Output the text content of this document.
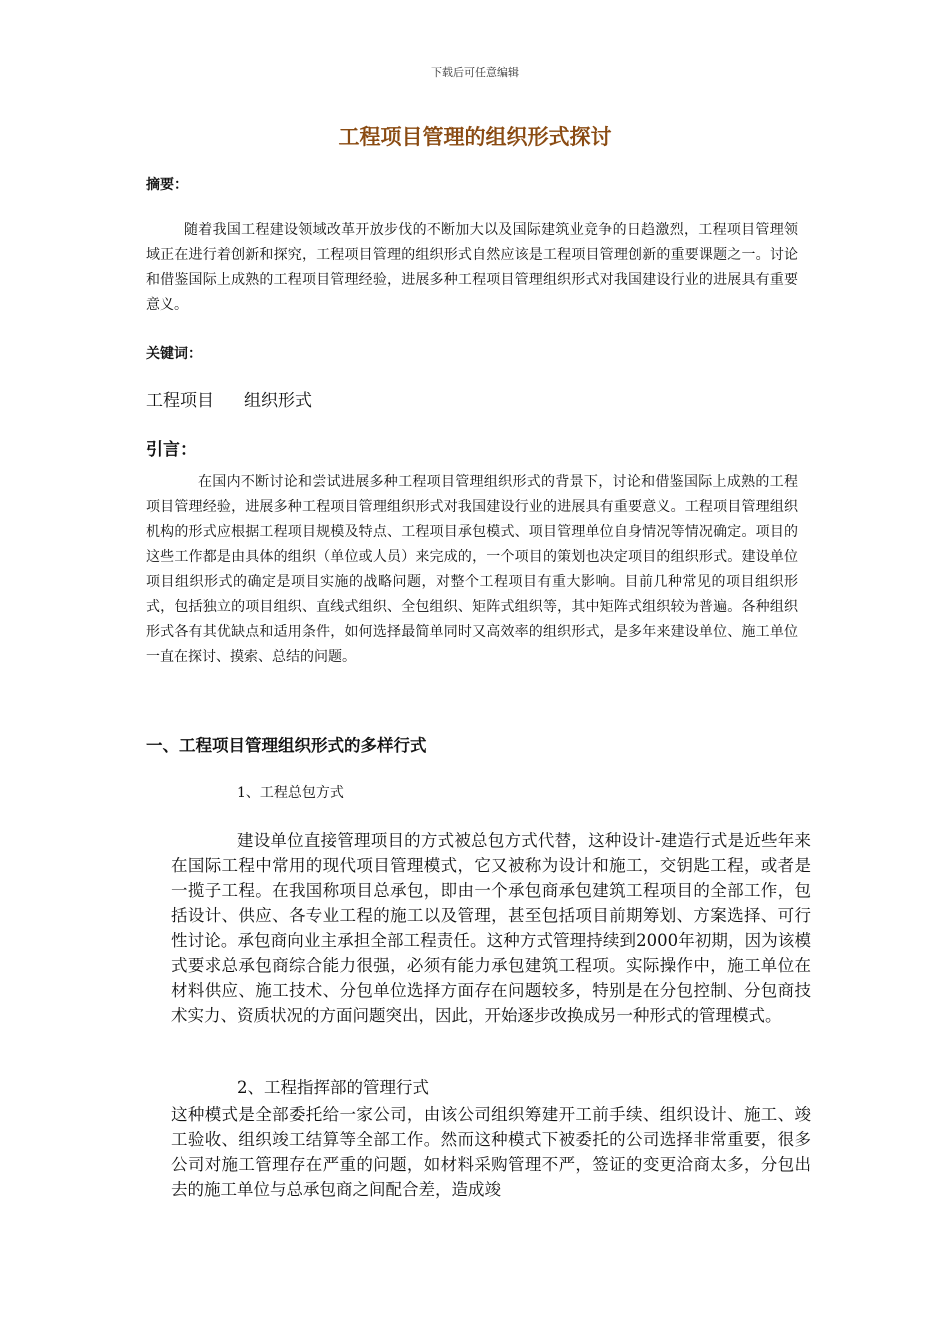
下载后可任意编辑
工程项目管理的组织形式探讨
摘要：

随着我国工程建设领域改革开放步伐的不断加大以及国际建筑业竞争的日趋激烈，工程项目管理领域正在进行着创新和探究，工程项目管理的组织形式自然应该是工程项目管理创新的重要课题之一。讨论和借鉴国际上成熟的工程项目管理经验，进展多种工程项目管理组织形式对我国建设行业的进展具有重要意义。

关键词：
工程项目 组织形式
引言：

在国内不断讨论和尝试进展多种工程项目管理组织形式的背景下，讨论和借鉴国际上成熟的工程项目管理经验，进展多种工程项目管理组织形式对我国建设行业的进展具有重要意义。工程项目管理组织机构的形式应根据工程项目规模及特点、工程项目承包模式、项目管理单位自身情况等情况确定。项目的这些工作都是由具体的组织（单位或人员）来完成的，一个项目的策划也决定项目的组织形式。建设单位项目组织形式的确定是项目实施的战略问题，对整个工程项目有重大影响。目前几种常见的项目组织形式，包括独立的项目组织、直线式组织、全包组织、矩阵式组织等，其中矩阵式组织较为普遍。各种组织形式各有其优缺点和适用条件，如何选择最简单同时又高效率的组织形式，是多年来建设单位、施工单位一直在探讨、摸索、总结的问题。

一、工程项目管理组织形式的多样行式
1、工程总包方式

建设单位直接管理项目的方式被总包方式代替，这种设计-建造行式是近些年来在国际工程中常用的现代项目管理模式，它又被称为设计和施工，交钥匙工程，或者是一揽子工程。在我国称项目总承包，即由一个承包商承包建筑工程项目的全部工作，包括设计、供应、各专业工程的施工以及管理，甚至包括项目前期筹划、方案选择、可行性讨论。承包商向业主承担全部工程责任。这种方式管理持续到2000年初期，因为该模式要求总承包商综合能力很强，必须有能力承包建筑工程项。实际操作中，施工单位在材料供应、施工技术、分包单位选择方面存在问题较多，特别是在分包控制、分包商技术实力、资质状况的方面问题突出，因此，开始逐步改换成另一种形式的管理模式。

2、工程指挥部的管理行式

这种模式是全部委托给一家公司，由该公司组织筹建开工前手续、组织设计、施工、竣工验收、组织竣工结算等全部工作。然而这种模式下被委托的公司选择非常重要，很多公司对施工管理存在严重的问题，如材料采购管理不严，签证的变更洽商太多，分包出去的施工单位与总承包商之间配合差，造成竣
